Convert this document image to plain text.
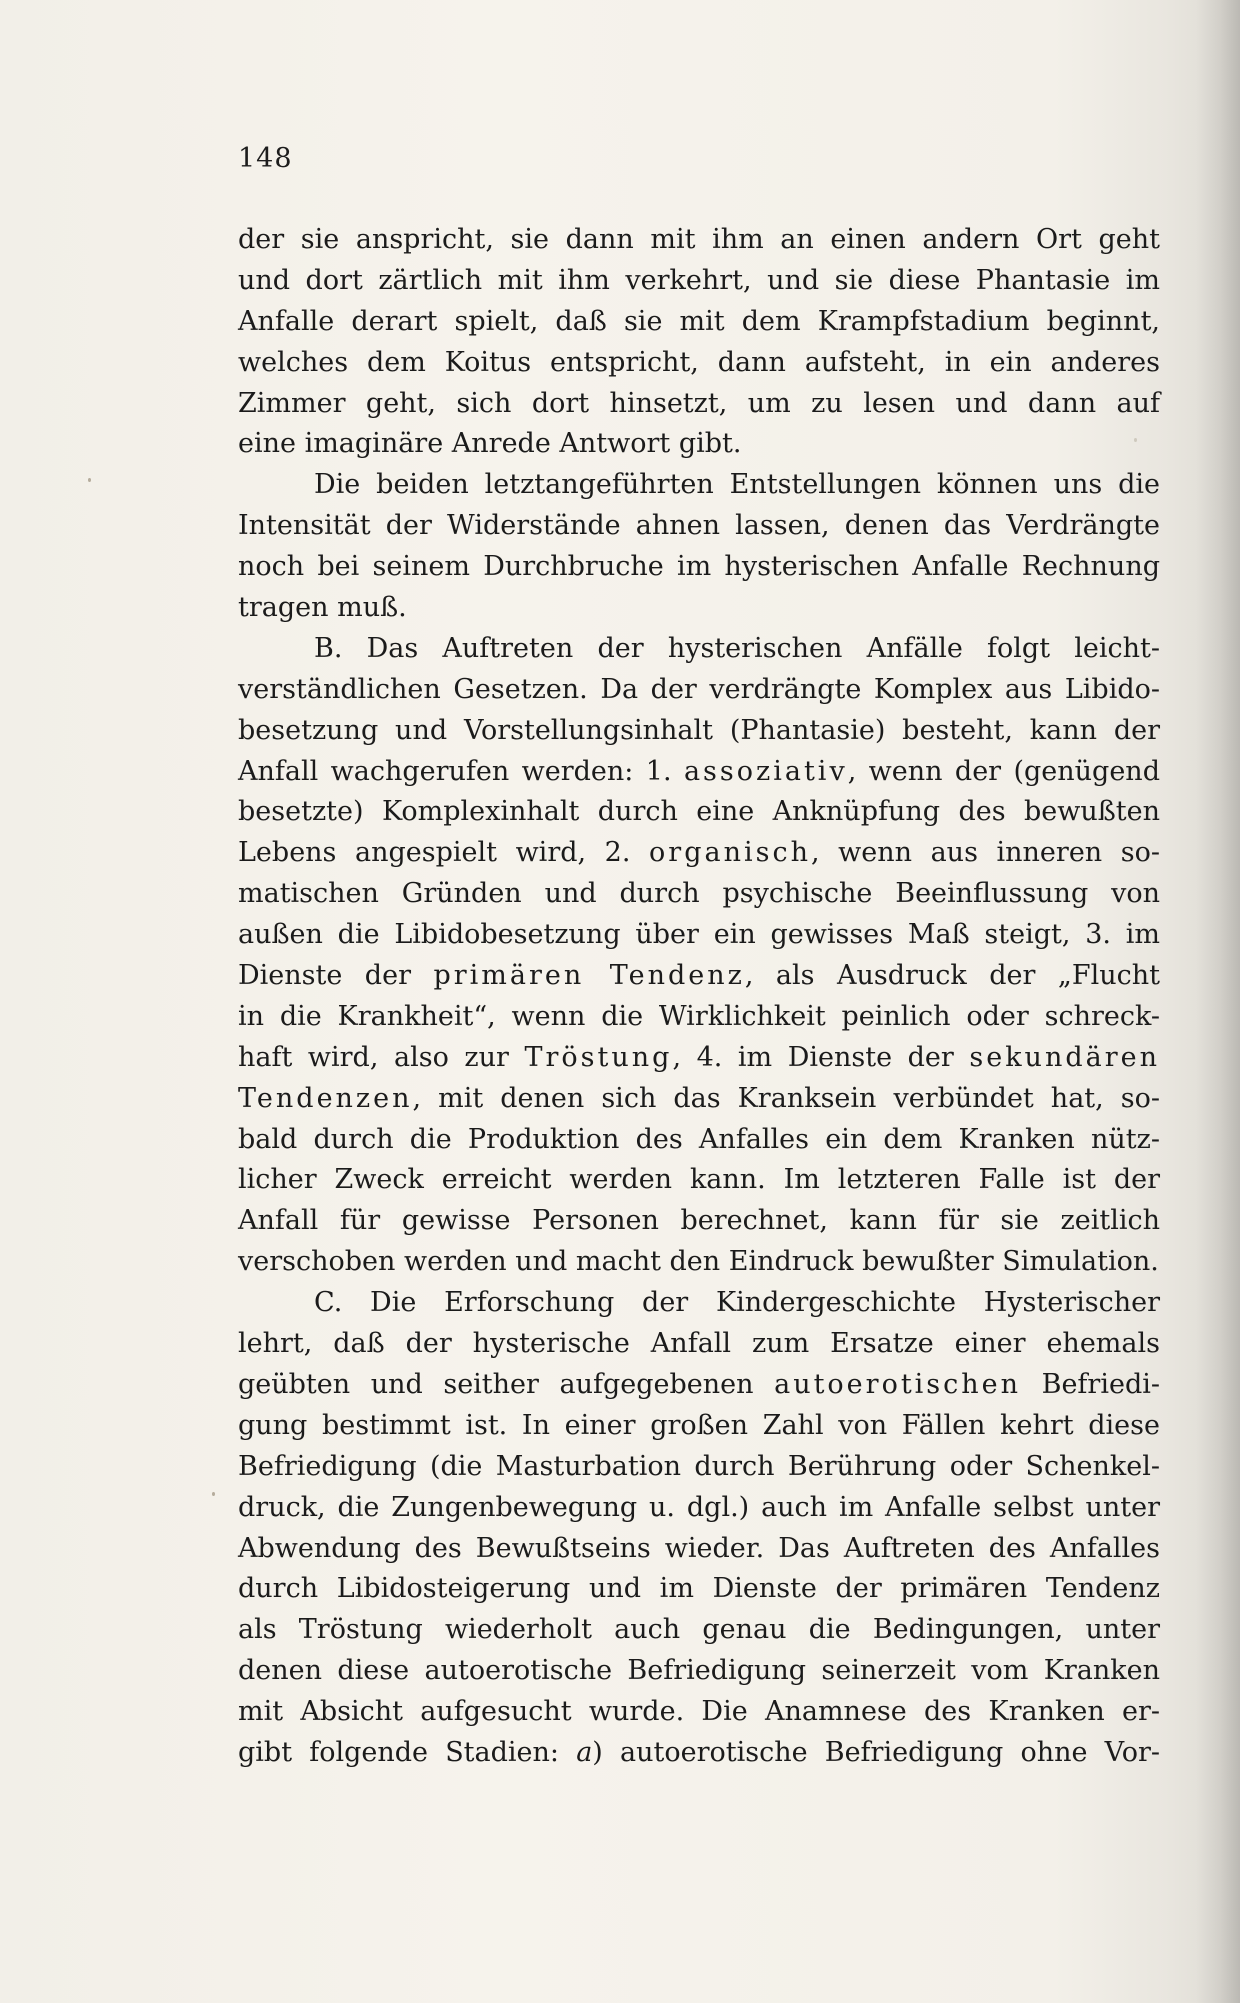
148
der sie anspricht, sie dann mit ihm an einen andern Ort geht
und dort zärtlich mit ihm verkehrt, und sie diese Phantasie im
Anfalle derart spielt, daß sie mit dem Krampfstadium beginnt,
welches dem Koitus entspricht, dann aufsteht, in ein anderes
Zimmer geht, sich dort hinsetzt, um zu lesen und dann auf
eine imaginäre Anrede Antwort gibt.
Die beiden letztangeführten Entstellungen können uns die
Intensität der Widerstände ahnen lassen, denen das Verdrängte
noch bei seinem Durchbruche im hysterischen Anfalle Rechnung
tragen muß.
B. Das Auftreten der hysterischen Anfälle folgt leicht-
verständlichen Gesetzen. Da der verdrängte Komplex aus Libido-
besetzung und Vorstellungsinhalt (Phantasie) besteht, kann der
Anfall wachgerufen werden: 1. assoziativ, wenn der (genügend
besetzte) Komplexinhalt durch eine Anknüpfung des bewußten
Lebens angespielt wird, 2. organisch, wenn aus inneren so-
matischen Gründen und durch psychische Beeinflussung von
außen die Libidobesetzung über ein gewisses Maß steigt, 3. im
Dienste der primären Tendenz, als Ausdruck der „Flucht
in die Krankheit“, wenn die Wirklichkeit peinlich oder schreck-
haft wird, also zur Tröstung, 4. im Dienste der sekundären
Tendenzen, mit denen sich das Kranksein verbündet hat, so-
bald durch die Produktion des Anfalles ein dem Kranken nütz-
licher Zweck erreicht werden kann. Im letzteren Falle ist der
Anfall für gewisse Personen berechnet, kann für sie zeitlich
verschoben werden und macht den Eindruck bewußter Simulation.
C. Die Erforschung der Kindergeschichte Hysterischer
lehrt, daß der hysterische Anfall zum Ersatze einer ehemals
geübten und seither aufgegebenen autoerotischen Befriedi-
gung bestimmt ist. In einer großen Zahl von Fällen kehrt diese
Befriedigung (die Masturbation durch Berührung oder Schenkel-
druck, die Zungenbewegung u. dgl.) auch im Anfalle selbst unter
Abwendung des Bewußtseins wieder. Das Auftreten des Anfalles
durch Libidosteigerung und im Dienste der primären Tendenz
als Tröstung wiederholt auch genau die Bedingungen, unter
denen diese autoerotische Befriedigung seinerzeit vom Kranken
mit Absicht aufgesucht wurde. Die Anamnese des Kranken er-
gibt folgende Stadien: a) autoerotische Befriedigung ohne Vor-
